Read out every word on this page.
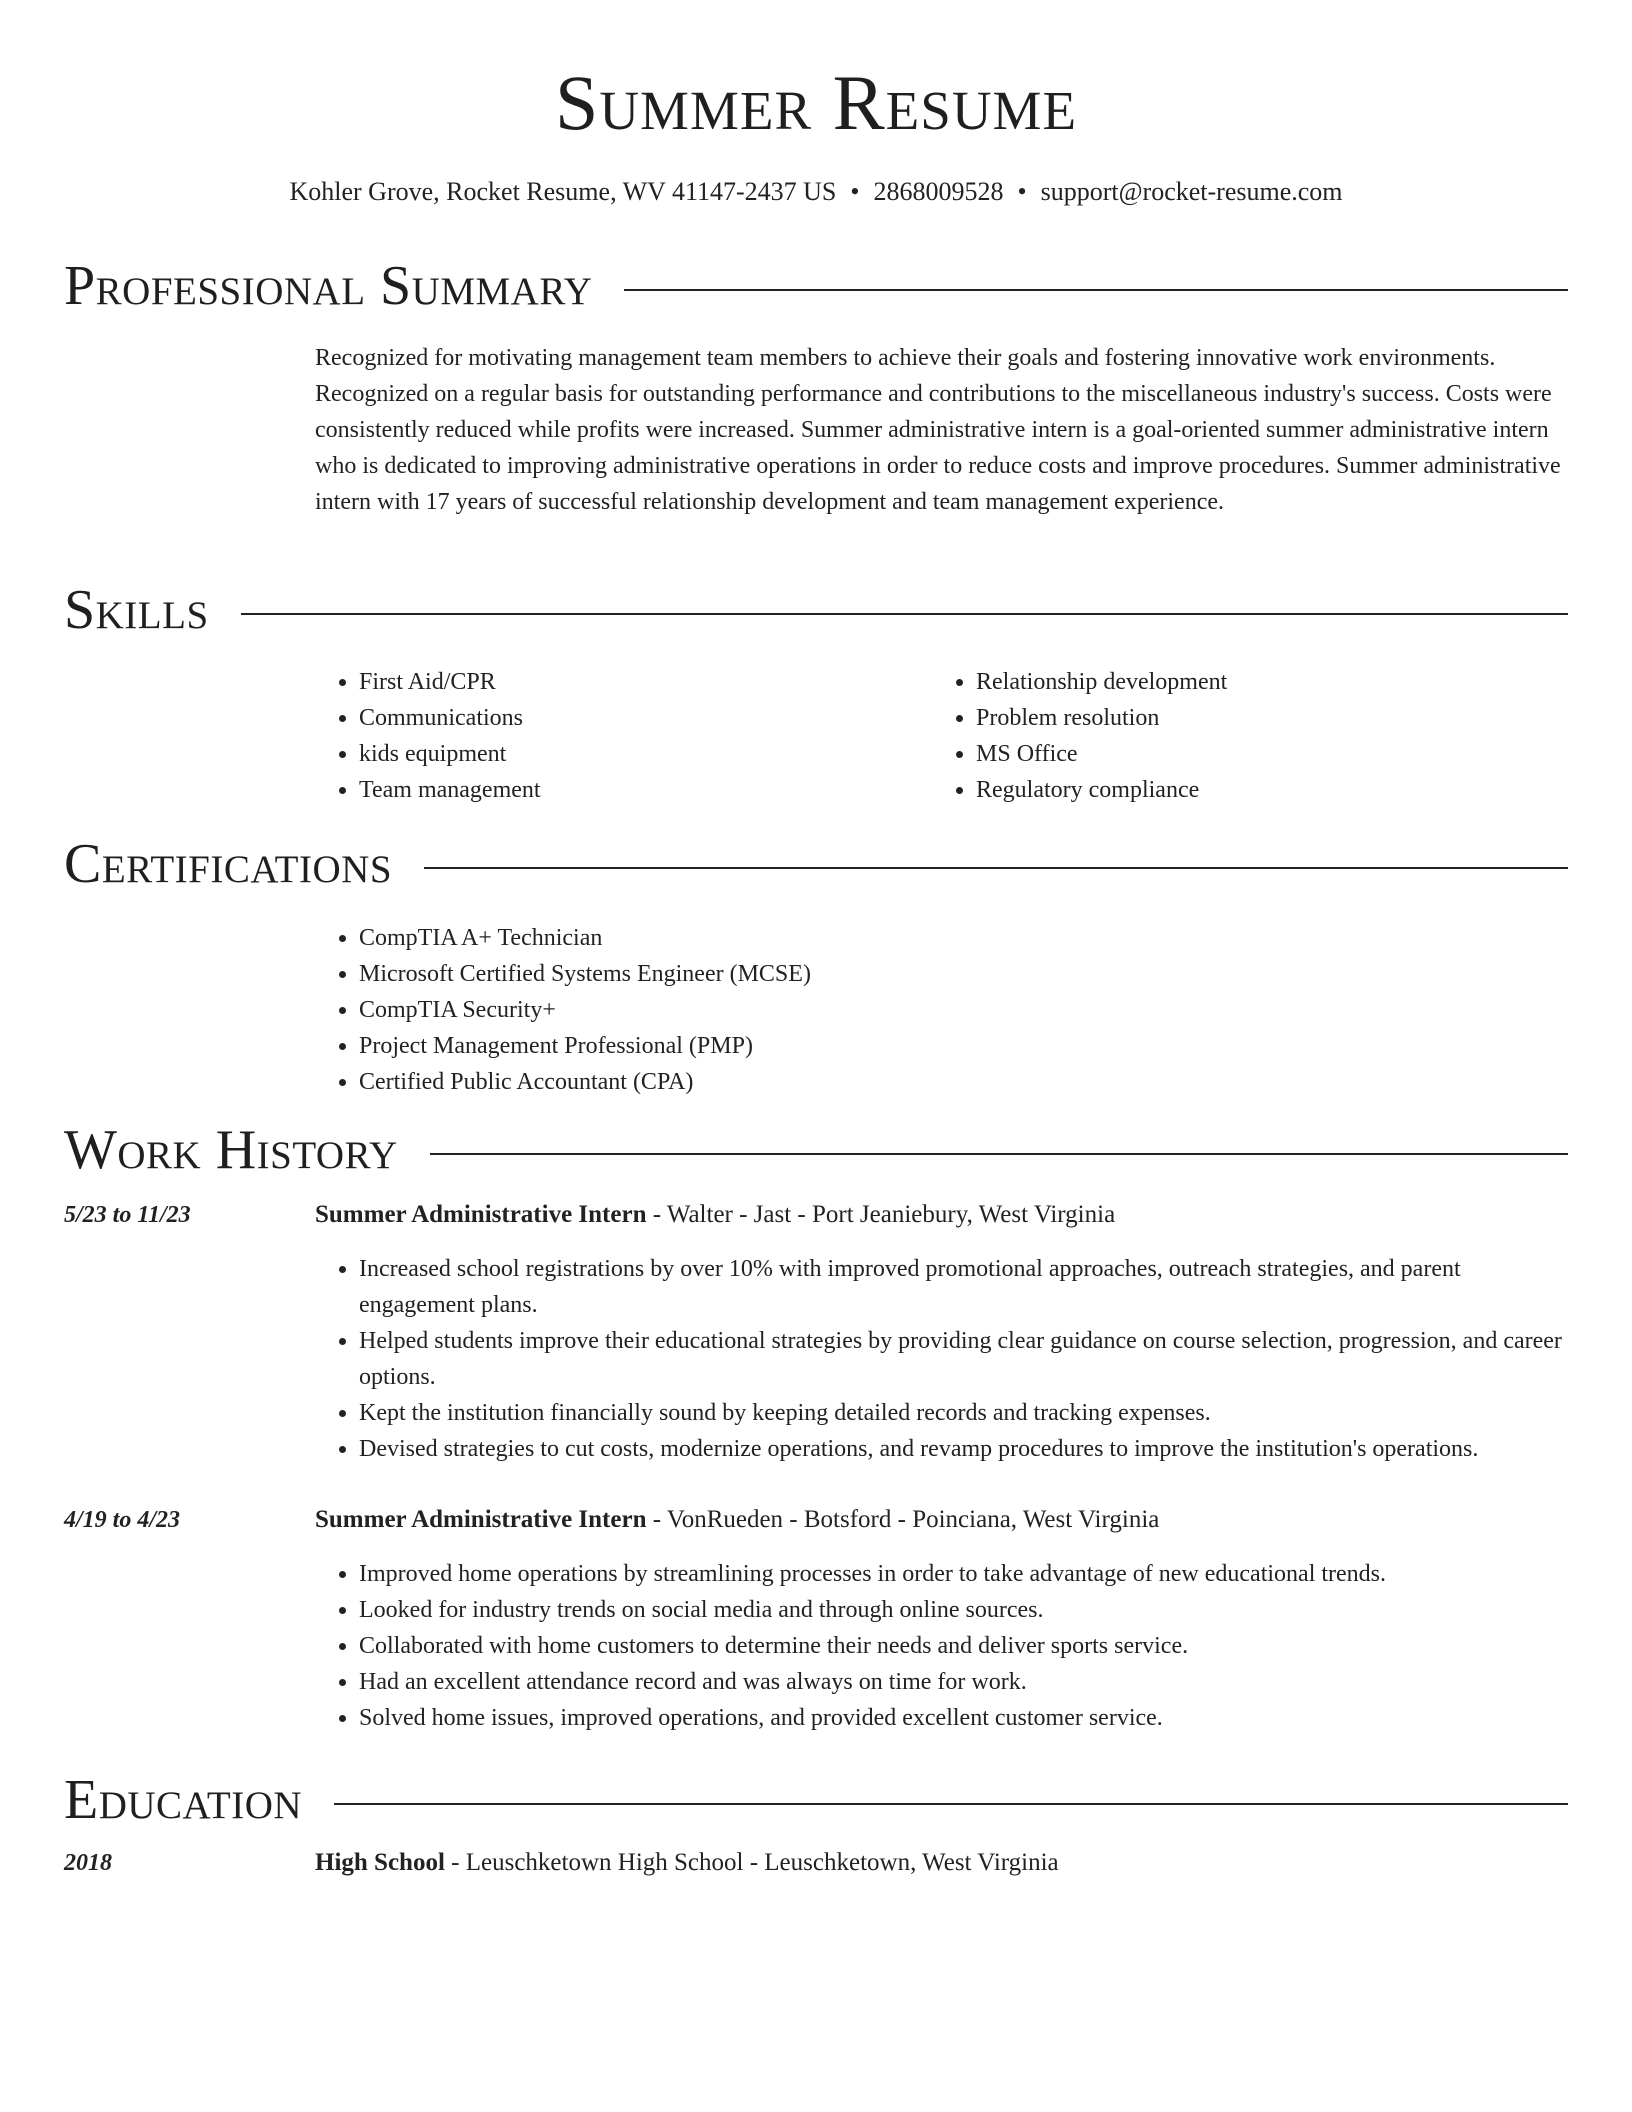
Summer Resume
Kohler Grove, Rocket Resume, WV 41147-2437 US • 2868009528 • support@rocket-resume.com
Professional Summary

Recognized for motivating management team members to achieve their goals and fostering innovative work environments. Recognized on a regular basis for outstanding performance and contributions to the miscellaneous industry's success. Costs were consistently reduced while profits were increased. Summer administrative intern is a goal-oriented summer administrative intern who is dedicated to improving administrative operations in order to reduce costs and improve procedures. Summer administrative intern with 17 years of successful relationship development and team management experience.

Skills
• First Aid/CPR
• Communications
• kids equipment
• Team management
• Relationship development
• Problem resolution
• MS Office
• Regulatory compliance
Certifications
• CompTIA A+ Technician
• Microsoft Certified Systems Engineer (MCSE)
• CompTIA Security+
• Project Management Professional (PMP)
• Certified Public Accountant (CPA)
Work History
5/23 to 11/23	Summer Administrative Intern - Walter - Jast - Port Jeaniebury, West Virginia
• Increased school registrations by over 10% with improved promotional approaches, outreach strategies, and parent engagement plans.
• Helped students improve their educational strategies by providing clear guidance on course selection, progression, and career options.
• Kept the institution financially sound by keeping detailed records and tracking expenses.
• Devised strategies to cut costs, modernize operations, and revamp procedures to improve the institution's operations.
4/19 to 4/23	Summer Administrative Intern - VonRueden - Botsford - Poinciana, West Virginia
• Improved home operations by streamlining processes in order to take advantage of new educational trends.
• Looked for industry trends on social media and through online sources.
• Collaborated with home customers to determine their needs and deliver sports service.
• Had an excellent attendance record and was always on time for work.
• Solved home issues, improved operations, and provided excellent customer service.
Education
2018	High School - Leuschketown High School - Leuschketown, West Virginia
